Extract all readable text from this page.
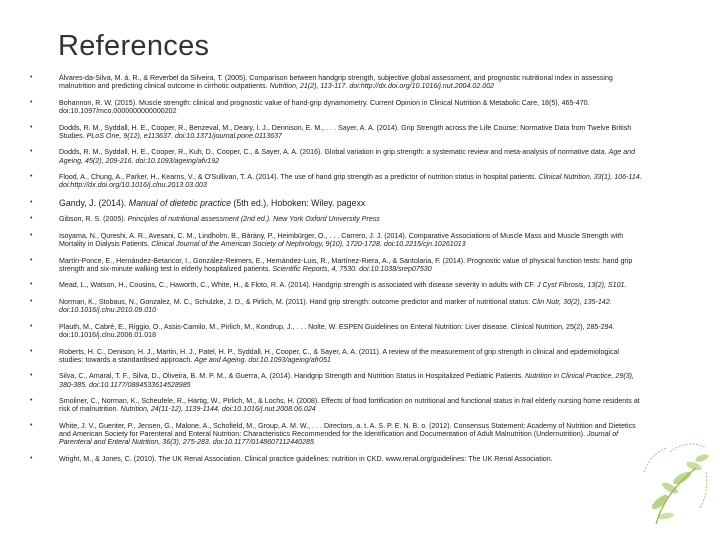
References
• Álvares-da-Silva, M. á. R., & Reverbel da Silveira, T. (2005). Comparison between handgrip strength, subjective global assessment, and prognostic nutritional index in assessing malnutrition and predicting clinical outcome in cirrhotic outpatients. Nutrition, 21(2), 113-117. doi:http://dx.doi.org/10.1016/j.nut.2004.02.002
• Bohannon, R. W. (2015). Muscle strength: clinical and prognostic value of hand-grip dynamometry. Current Opinion in Clinical Nutrition & Metabolic Care, 18(5), 465-470. doi:10.1097/mco.0000000000000202
• Dodds, R. M., Syddall, H. E., Cooper, R., Benzeval, M., Deary, I. J., Dennison, E. M., . . . Sayer, A. A. (2014). Grip Strength across the Life Course: Normative Data from Twelve British Studies. PLoS One, 9(12), e113637. doi:10.1371/journal.pone.0113637
• Dodds, R. M., Syddall, H. E., Cooper, R., Kuh, D., Cooper, C., & Sayer, A. A. (2016). Global variation in grip strength: a systematic review and meta-analysis of normative data. Age and Ageing, 45(2), 209-216. doi:10.1093/ageing/afv192
• Flood, A., Chung, A., Parker, H., Kearns, V., & O'Sullivan, T. A. (2014). The use of hand grip strength as a predictor of nutrition status in hospital patients. Clinical Nutrition, 33(1), 106-114. doi:http://dx.doi.org/10.1016/j.clnu.2013.03.003
• Gandy, J. (2014). Manual of dietetic practice (5th ed.). Hoboken: Wiley. pagexx
• Gibson, R. S. (2005). Principles of nutritional assessment (2nd ed.). New York Oxford University Press
• Isoyama, N., Qureshi, A. R., Avesani, C. M., Lindholm, B., Bàràny, P., Heimbürger, O., . . . Carrero, J. J. (2014). Comparative Associations of Muscle Mass and Muscle Strength with Mortality in Dialysis Patients. Clinical Journal of the American Society of Nephrology, 9(10), 1720-1728. doi:10.2215/cjn.10261013
• Martín-Ponce, E., Hernández-Betancor, I., González-Reimers, E., Hernández-Luis, R., Martínez-Riera, A., & Santolaria, F. (2014). Prognostic value of physical function tests: hand grip strength and six-minute walking test in elderly hospitalized patients. Scientific Reports, 4, 7530. doi:10.1038/srep07530
• Mead, L., Watson, H., Cousins, C., Haworth, C., White, H., & Floto, R. A. (2014). Handgrip strength is associated with disease severity in adults with CF. J Cyst Fibrosis, 13(2), S101.
• Norman, K., Stobaus, N., Gonzalez, M. C., Schulzke, J. D., & Pirlich, M. (2011). Hand grip strength: outcome predictor and marker of nutritional status. Clin Nutr, 30(2), 135-142. doi:10.1016/j.clnu.2010.09.010
• Plauth, M., Cabré, E., Riggio, O., Assis-Camilo, M., Pirlich, M., Kondrup, J., . . . Nolte, W. ESPEN Guidelines on Enteral Nutrition: Liver disease. Clinical Nutrition, 25(2), 285-294. doi:10.1016/j.clnu.2006.01.018
• Roberts, H. C., Denison, H. J., Martin, H. J., Patel, H. P., Syddall, H., Cooper, C., & Sayer, A. A. (2011). A review of the measurement of grip strength in clinical and epidemiological studies: towards a standardised approach. Age and Ageing. doi:10.1093/ageing/afr051
• Silva, C., Amaral, T. F., Silva, D., Oliveira, B. M. P. M., & Guerra, A. (2014). Handgrip Strength and Nutrition Status in Hospitalized Pediatric Patients. Nutrition in Clinical Practice, 29(3), 380-385. doi:10.1177/0884533614528985
• Smoliner, C., Norman, K., Scheufele, R., Hartig, W., Pirlich, M., & Lochs, H. (2008). Effects of food fortification on nutritional and functional status in frail elderly nursing home residents at risk of malnutrition. Nutrition, 24(11-12), 1139-1144. doi:10.1016/j.nut.2008.06.024
• White, J. V., Guenter, P., Jensen, G., Malone, A., Schofield, M., Group, A. M. W., . . . Directors, a. t. A. S. P. E. N. B. o. (2012). Consensus Statement: Academy of Nutrition and Dietetics and American Society for Parenteral and Enteral Nutrition: Characteristics Recommended for the Identification and Documentation of Adult Malnutrition (Undernutrition). Journal of Parenteral and Enteral Nutrition, 36(3), 275-283. doi:10.1177/0148607112440285
• Wright, M., & Jones, C. (2010). The UK Renal Association. Clinical practice guidelines: nutrition in CKD. www.renal.org/guidelines: The UK Renal Association.
